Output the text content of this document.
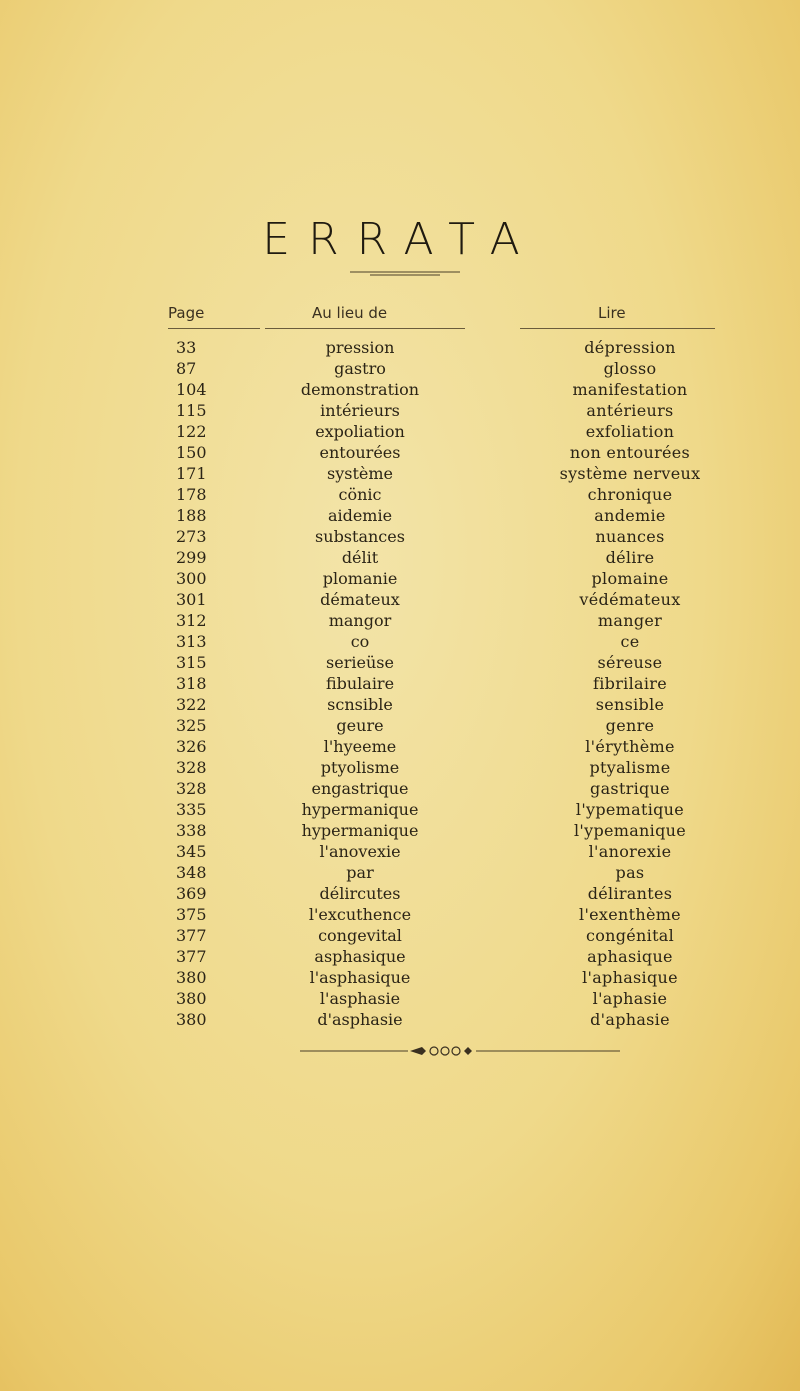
ERRATA
Page	Au lieu de	Lire
33	pression	dépression
87	gastro	glosso
104	demonstration	manifestation
115	intérieurs	antérieurs
122	expoliation	exfoliation
150	entourées	non entourées
171	système	système nerveux
178	cönic	chronique
188	aidemie	andemie
273	substances	nuances
299	délit	délire
300	plomanie	plomaine
301	démateux	védémateux
312	mangor	manger
313	co	ce
315	serieüse	séreuse
318	fibulaire	fibrilaire
322	scnsible	sensible
325	geure	genre
326	l'hyeeme	l'érythème
328	ptyolisme	ptyalisme
328	engastrique	gastrique
335	hypermanique	l'ypematique
338	hypermanique	l'ypemanique
345	l'anovexie	l'anorexie
348	par	pas
369	délircutes	délirantes
375	l'excuthence	l'exenthème
377	congevital	congénital
377	asphasique	aphasique
380	l'asphasique	l'aphasique
380	l'asphasie	l'aphasie
380	d'asphasie	d'aphasie
